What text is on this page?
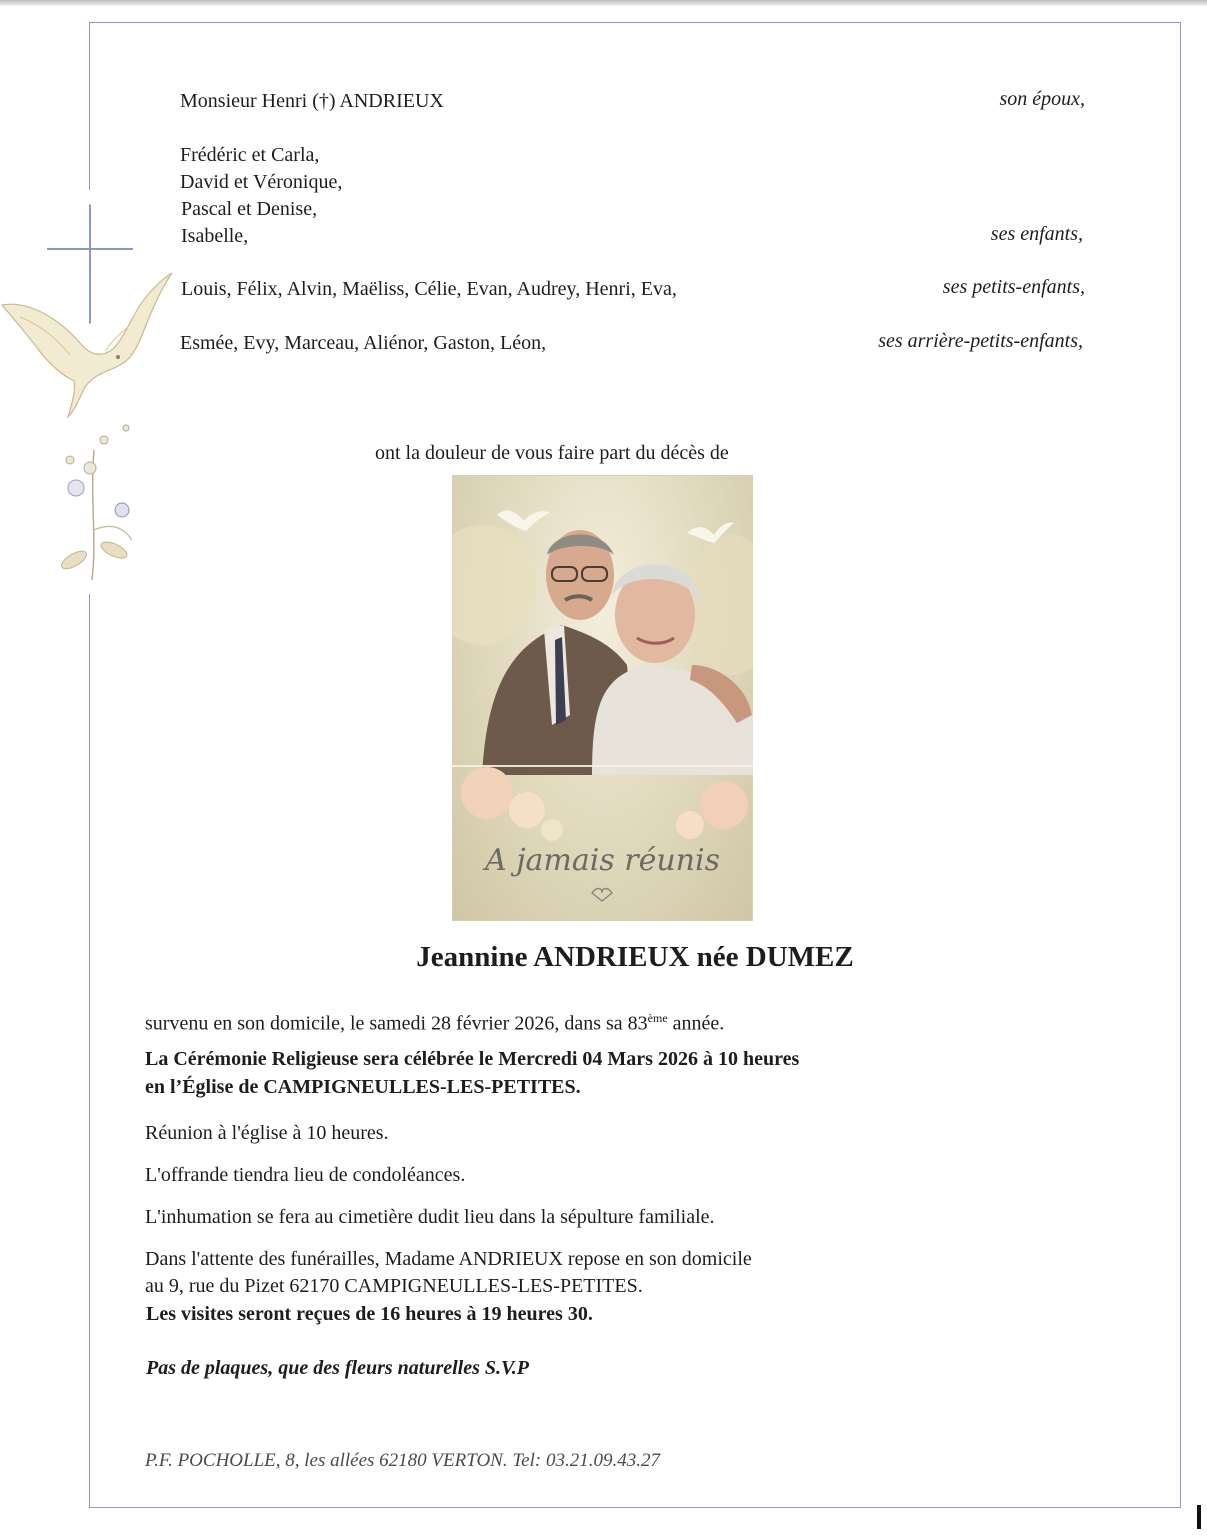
Monsieur Henri (†) ANDRIEUX	son époux,
Frédéric et Carla,
David et Véronique,
Pascal et Denise,
Isabelle,	ses enfants,
Louis, Félix, Alvin, Maëliss, Célie, Evan, Audrey, Henri, Eva,	ses petits-enfants,
Esmée, Evy, Marceau, Aliénor, Gaston, Léon,	ses arrière-petits-enfants,
ont la douleur de vous faire part du décès de
A jamais réunis
Jeannine ANDRIEUX née DUMEZ
survenu en son domicile, le samedi 28 février 2026, dans sa 83ème année.
La Cérémonie Religieuse sera célébrée le Mercredi 04 Mars 2026 à 10 heures
en l’Église de CAMPIGNEULLES-LES-PETITES.
Réunion à l'église à 10 heures.
L'offrande tiendra lieu de condoléances.
L'inhumation se fera au cimetière dudit lieu dans la sépulture familiale.
Dans l'attente des funérailles, Madame ANDRIEUX repose en son domicile
au 9, rue du Pizet 62170 CAMPIGNEULLES-LES-PETITES.
Les visites seront reçues de 16 heures à 19 heures 30.
Pas de plaques, que des fleurs naturelles S.V.P
P.F. POCHOLLE, 8, les allées 62180 VERTON. Tel: 03.21.09.43.27
